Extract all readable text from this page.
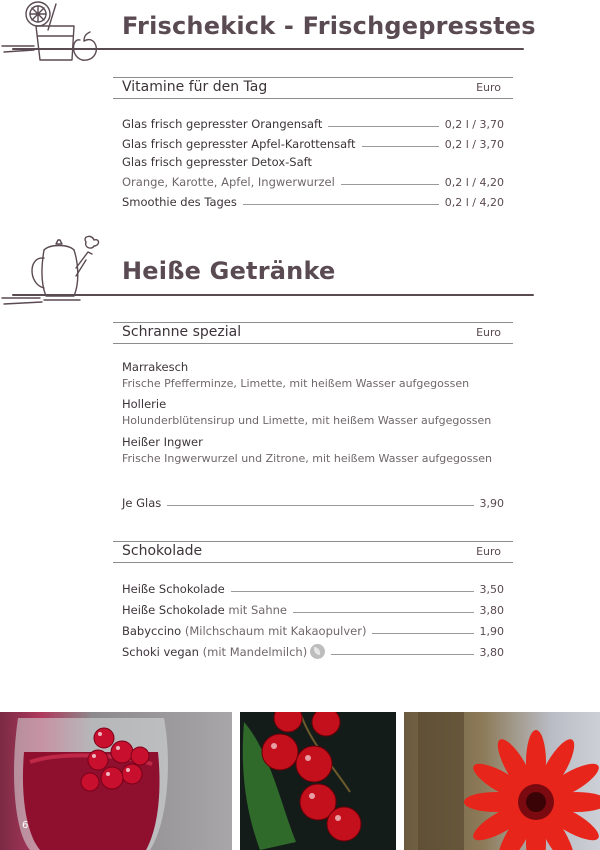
Frischekick - Frischgepresstes
Vitamine für den Tag	Euro
Glas frisch gepresster Orangensaft	0,2 l / 3,70
Glas frisch gepresster Apfel-Karottensaft	0,2 l / 3,70
Glas frisch gepresster Detox-Saft
Orange, Karotte, Apfel, Ingwerwurzel	0,2 l / 4,20
Smoothie des Tages	0,2 l / 4,20
Heiße Getränke
Schranne spezial	Euro
Marrakesch
Frische Pfefferminze, Limette, mit heißem Wasser aufgegossen
Hollerie
Holunderblütensirup und Limette, mit heißem Wasser aufgegossen
Heißer Ingwer
Frische Ingwerwurzel und Zitrone, mit heißem Wasser aufgegossen
Je Glas	3,90
Schokolade	Euro
Heiße Schokolade	3,50
Heiße Schokolade mit Sahne	3,80
Babyccino (Milchschaum mit Kakaopulver)	1,90
Schoki vegan (mit Mandelmilch)	3,80
6
